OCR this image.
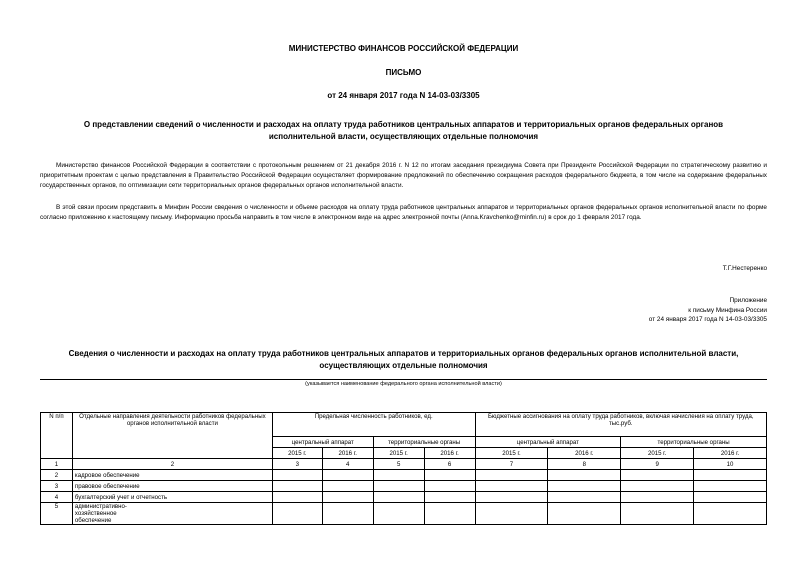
МИНИСТЕРСТВО ФИНАНСОВ РОССИЙСКОЙ ФЕДЕРАЦИИ
ПИСЬМО
от 24 января 2017 года N 14-03-03/3305
О представлении сведений о численности и расходах на оплату труда работников центральных аппаратов и территориальных органов федеральных органов исполнительной власти, осуществляющих отдельные полномочия
Министерство финансов Российской Федерации в соответствии с протокольным решением от 21 декабря 2016 г. N 12 по итогам заседания президиума Совета при Президенте Российской Федерации по стратегическому развитию и приоритетным проектам с целью представления в Правительство Российской Федерации осуществляет формирование предложений по обеспечению сокращения расходов федерального бюджета, в том числе на содержание федеральных государственных органов, по оптимизации сети территориальных органов федеральных органов исполнительной власти.
В этой связи просим представить в Минфин России сведения о численности и объеме расходов на оплату труда работников центральных аппаратов и территориальных органов федеральных органов исполнительной власти по форме согласно приложению к настоящему письму. Информацию просьба направить в том числе в электронном виде на адрес электронной почты (Anna.Kravchenko@minfin.ru) в срок до 1 февраля 2017 года.
Т.Г.Нестеренко
Приложение
к письму Минфина России
от 24 января 2017 года N 14-03-03/3305
Сведения о численности и расходах на оплату труда работников центральных аппаратов и территориальных органов федеральных органов исполнительной власти, осуществляющих отдельные полномочия
(указывается наименование федерального органа исполнительной власти)
N п/п	Отдельные направления деятельности работников федеральных органов исполнительной власти	Предельная численность работников, ед.				Бюджетные ассигнования на оплату труда работников, включая начисления на оплату труда, тыс.руб.			
		центральный аппарат		территориальные органы		центральный аппарат		территориальные органы	
		2015 г.	2016 г.	2015 г.	2016 г.	2015 г.	2016 г.	2015 г.	2016 г.
1	2	3	4	5	6	7	8	9	10
2	кадровое обеспечение								
3	правовое обеспечение								
4	бухгалтерский учет и отчетность								
5	административно-хозяйственное обеспечение								
